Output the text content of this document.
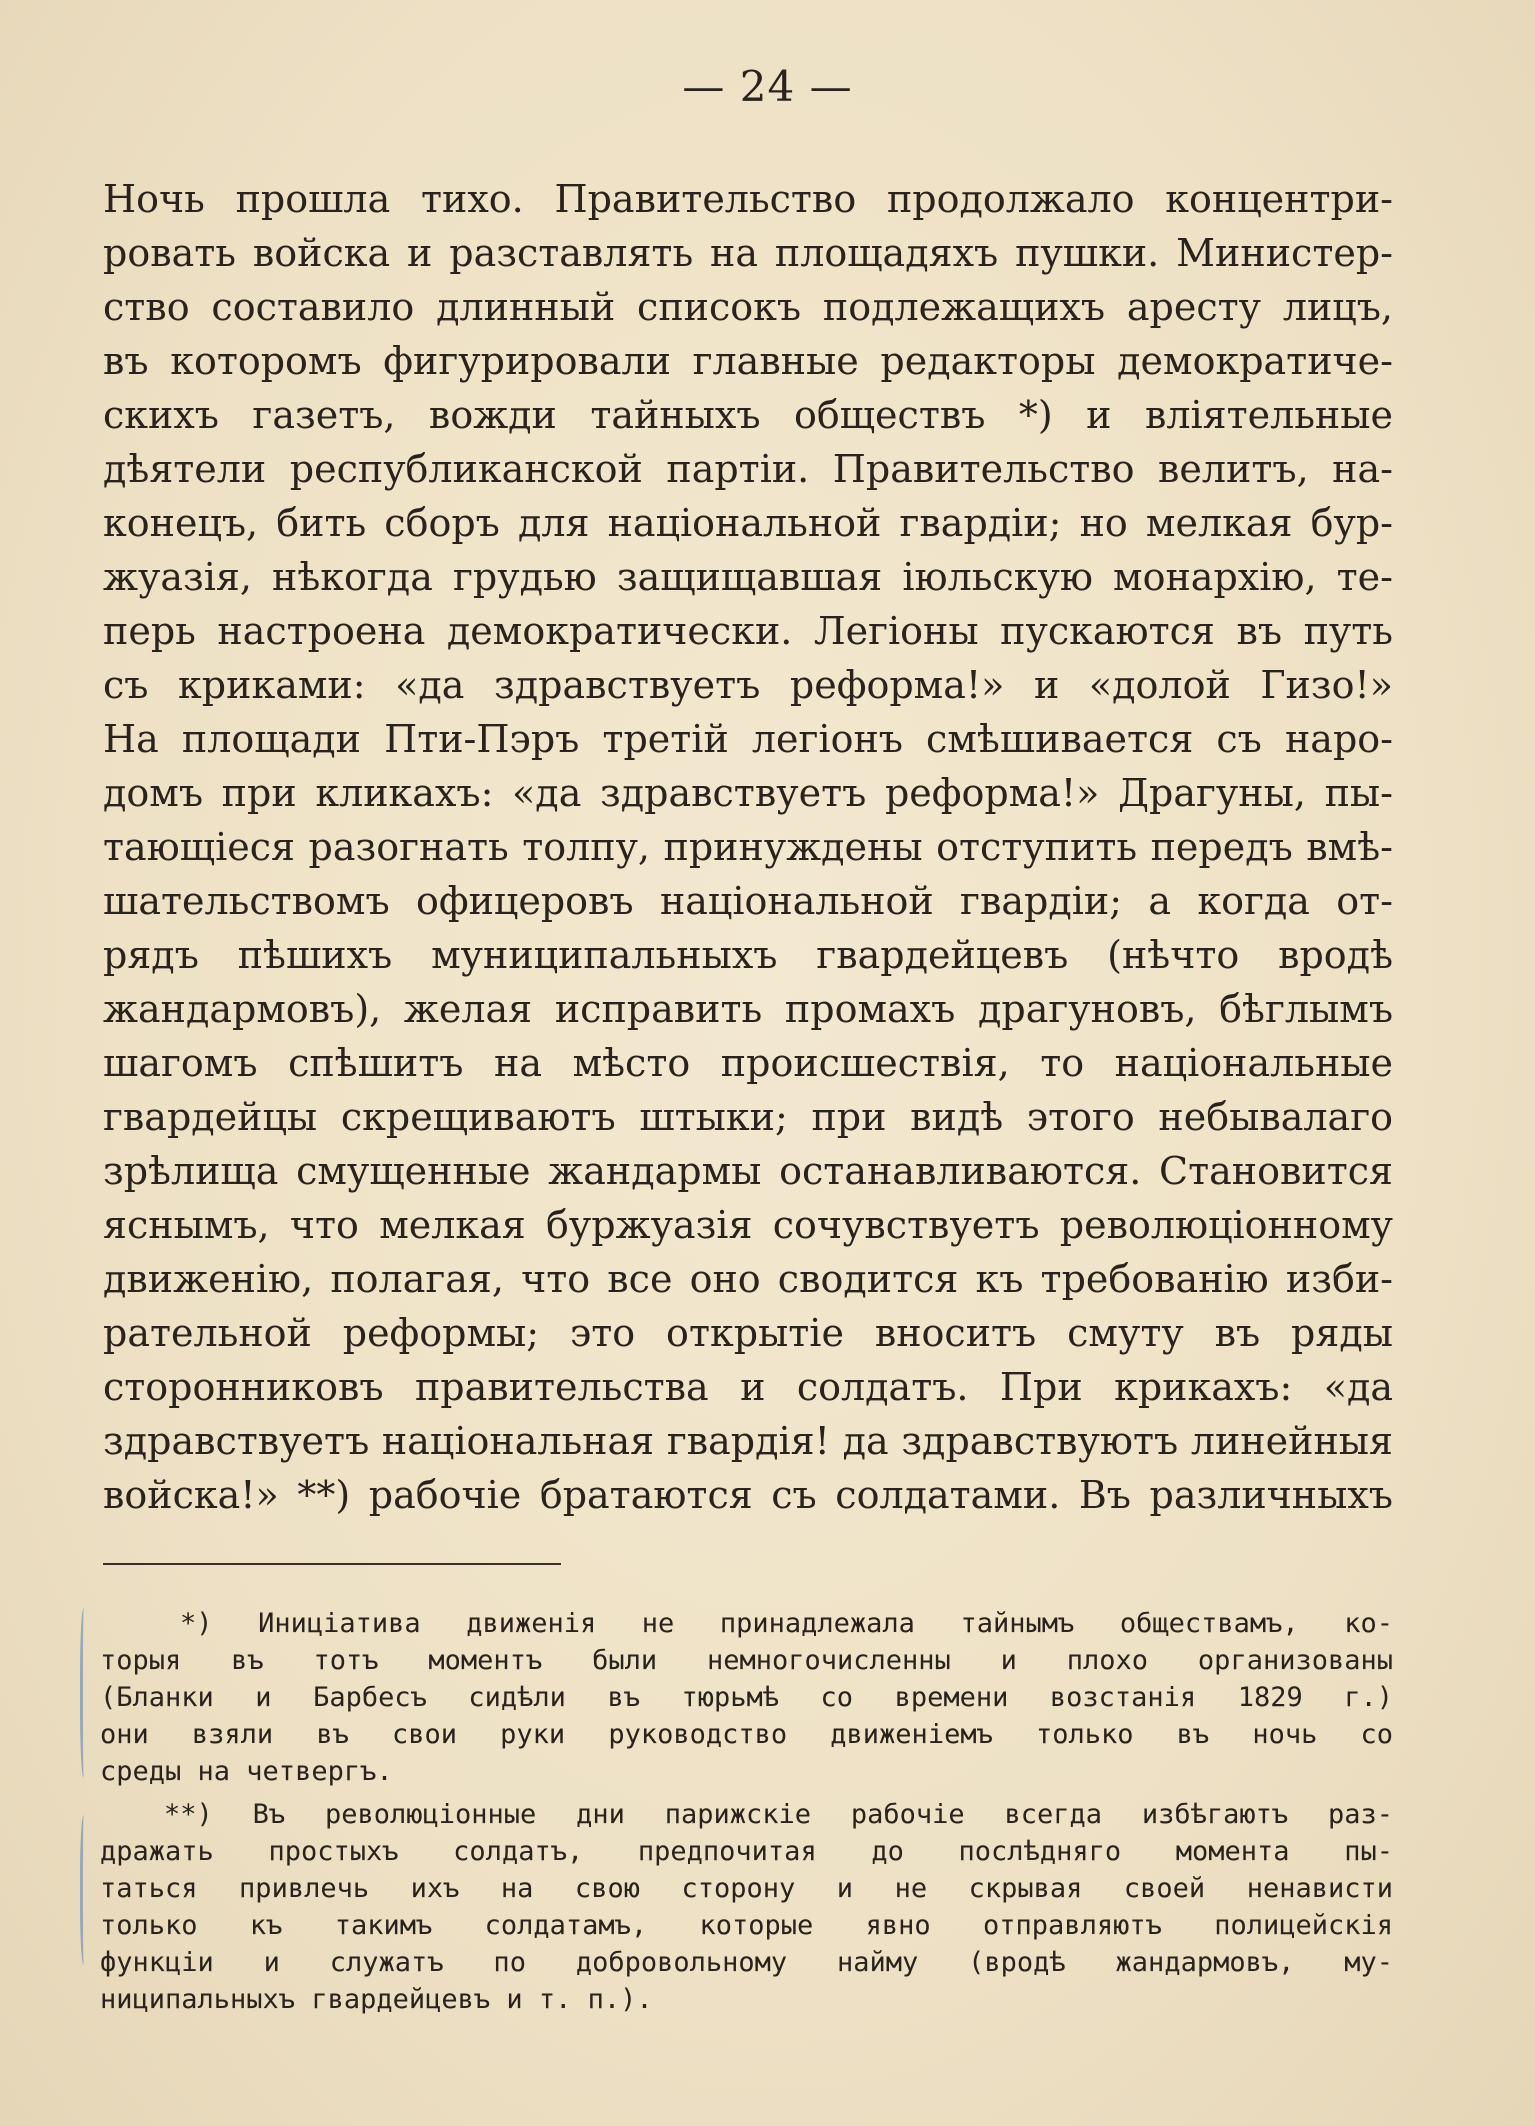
— 24 —
Ночь прошла тихо. Правительство продолжало концентри-
ровать войска и разставлять на площадяхъ пушки. Министер-
ство составило длинный списокъ подлежащихъ аресту лицъ,
въ которомъ фигурировали главные редакторы демократиче-
скихъ газетъ, вожди тайныхъ обществъ *) и вліятельные
дѣятели республиканской партіи. Правительство велитъ, на-
конецъ, бить сборъ для національной гвардіи; но мелкая бур-
жуазія, нѣкогда грудью защищавшая іюльскую монархію, те-
перь настроена демократически. Легіоны пускаются въ путь
съ криками: «да здравствуетъ реформа!» и «долой Гизо!»
На площади Пти-Пэръ третій легіонъ смѣшивается съ наро-
домъ при кликахъ: «да здравствуетъ реформа!» Драгуны, пы-
тающіеся разогнать толпу, принуждены отступить передъ вмѣ-
шательствомъ офицеровъ національной гвардіи; а когда от-
рядъ пѣшихъ муниципальныхъ гвардейцевъ (нѣчто вродѣ
жандармовъ), желая исправить промахъ драгуновъ, бѣглымъ
шагомъ спѣшитъ на мѣсто происшествія, то національные
гвардейцы скрещиваютъ штыки; при видѣ этого небывалаго
зрѣлища смущенные жандармы останавливаются. Становится
яснымъ, что мелкая буржуазія сочувствуетъ революціонному
движенію, полагая, что все оно сводится къ требованію изби-
рательной реформы; это открытіе вноситъ смуту въ ряды
сторонниковъ правительства и солдатъ. При крикахъ: «да
здравствуетъ національная гвардія! да здравствуютъ линейныя
войска!» **) рабочіе братаются съ солдатами. Въ различныхъ
*) Иниціатива движенія не принадлежала тайнымъ обществамъ, ко-
торыя въ тотъ моментъ были немногочисленны и плохо организованы
(Бланки и Барбесъ сидѣли въ тюрьмѣ со времени возстанія 1829 г.)
они взяли въ свои руки руководство движеніемъ только въ ночь со
среды на четвергъ.
**) Въ революціонные дни парижскіе рабочіе всегда избѣгаютъ раз-
дражать простыхъ солдатъ, предпочитая до послѣдняго момента пы-
таться привлечь ихъ на свою сторону и не скрывая своей ненависти
только къ такимъ солдатамъ, которые явно отправляютъ полицейскія
функціи и служатъ по добровольному найму (вродѣ жандармовъ, му-
ниципальныхъ гвардейцевъ и т. п.).
